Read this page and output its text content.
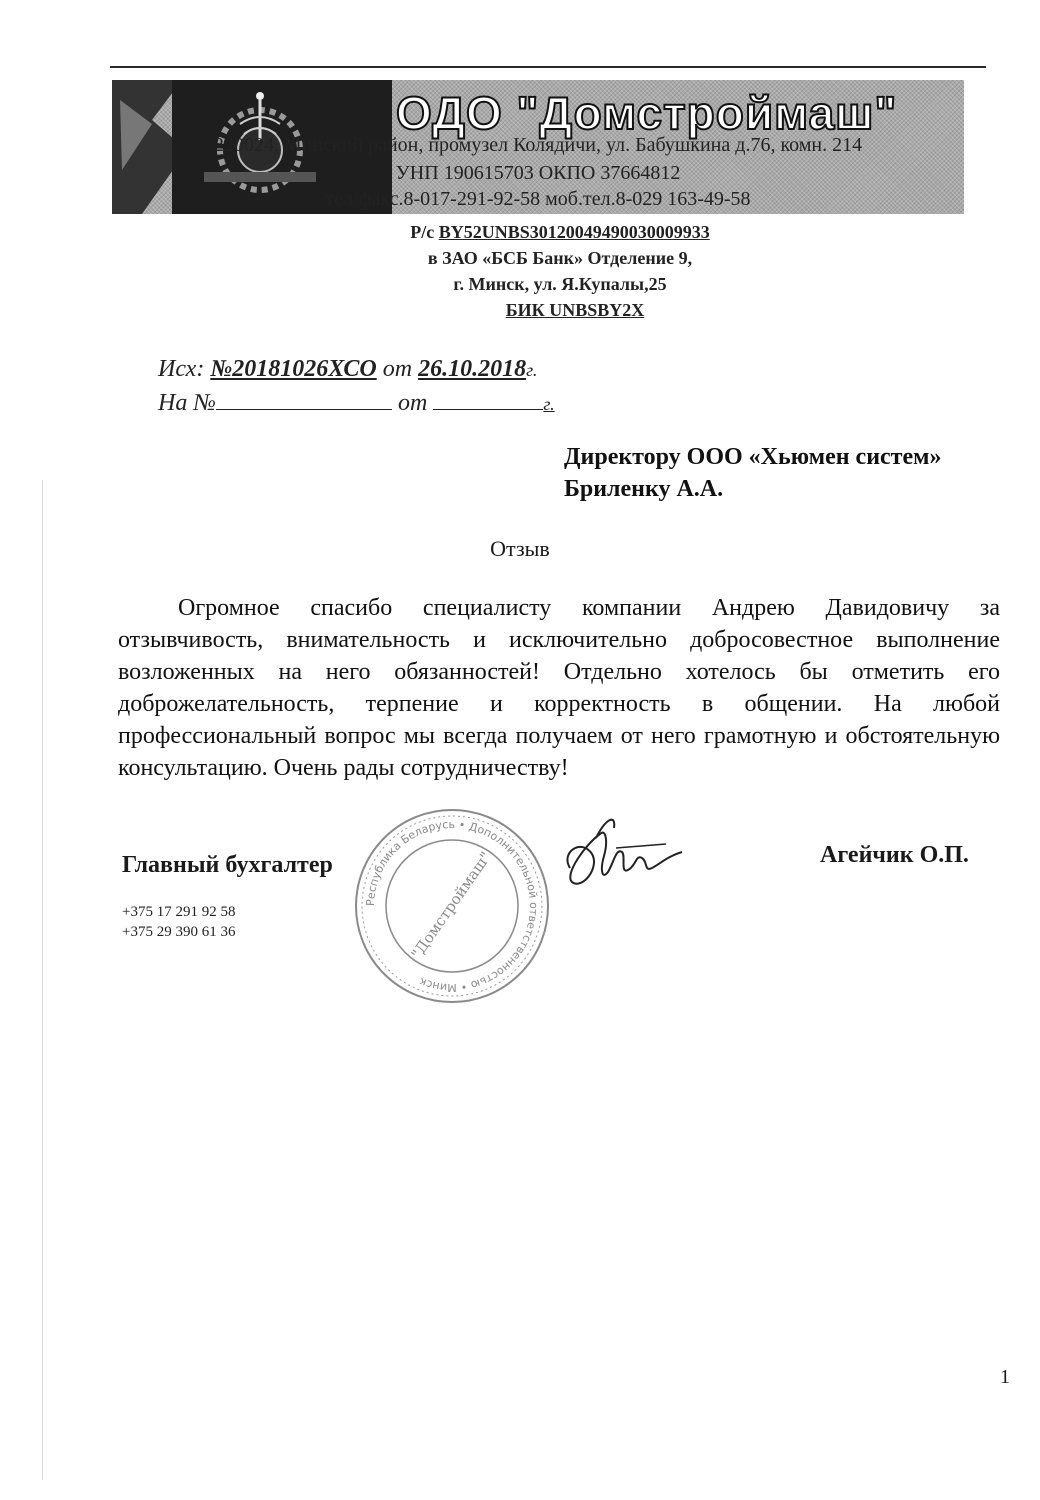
ОДО "Домстроймаш"
220024, Минский район, промузел Колядичи, ул. Бабушкина д.76, комн. 214
УНП 190615703 ОКПО 37664812
тел/факс.8-017-291-92-58 моб.тел.8-029 163-49-58
Р/с BY52UNBS30120049490030009933
в ЗАО «БСБ Банк» Отделение 9,
г. Минск, ул. Я.Купалы,25
БИК UNBSBY2X
Исх: №20181026ХСО от 26.10.2018г.
На №	от	г.
Директору ООО «Хьюмен систем»
Бриленку А.А.
Отзыв
Огромное спасибо специалисту компании Андрею Давидовичу за отзывчивость, внимательность и исключительно добросовестное выполнение возложенных на него обязанностей! Отдельно хотелось бы отметить его доброжелательность, терпение и корректность в общении. На любой профессиональный вопрос мы всегда получаем от него грамотную и обстоятельную консультацию. Очень рады сотрудничеству!
Главный бухгалтер	Агейчик О.П.
+375 17 291 92 58
+375 29 390 61 36
Республика Беларусь • Дополнительной ответственностью • Минск
"Домстроймаш"
1
